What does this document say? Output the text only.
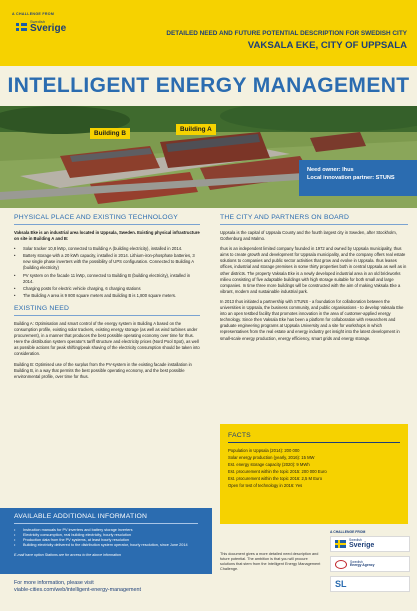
A CHALLENGE FROM
Swedish
Sverige	DETAILED NEED AND FUTURE POTENTIAL DESCRIPTION FOR SWEDISH CITY
VAKSALA EKE, CITY OF UPPSALA
INTELLIGENT ENERGY MANAGEMENT
Building B
Building A
Need owner: Ihus
Local innovation partner: STUNS
PHYSICAL PLACE AND EXISTING TECHNOLOGY

Vaksala Eke is an industrial area located in Uppsala, Sweden. Existing physical infrastructure on site in Building A and B:

• Solar tracker 10,8 kWp, connected to Building A (building electricity), installed in 2014.
• Battery storage with a 20 kWh capacity, installed in 2014. Lithium-iron-phosphate batteries, 3 new single phase inverters with the possibility of UPS configuration. Connected to Building A (building electricity)
• PV system on the facade 11 kWp, connected to Building B (building electricity), installed in 2014.
• Charging posts for electric vehicle charging, 6 charging stations
• The Building A area is 9 800 square meters and Building B is 1,800 square meters.
EXISTING NEED

Building A: Optimisation and smart control of the energy system in Building A based on the consumption profile, existing solar trackers, existing energy storage (as well as wind turbines under procurement), in a manner that produces the best possible operating economy over time for Ihus. Here the distribution system operator's tariff structure and electricity prices (Nord Pool Spot), as well as possible actions for peak shifting/peak shaving of the electricity consumption should be taken into consideration.

Building B: Optimised use of the surplus from the PV-system in the existing facade installation in Building B, in a way that permits the best possible operating economy, and the best possible environmental profile, over time for Ihus.

THE CITY AND PARTNERS ON BOARD

Uppsala is the capital of Uppsala County and the fourth largest city in Sweden, after Stockholm, Gothenburg and Malmo.

Ihus is an independent limited company founded in 1972 and owned by Uppsala municipality, thus aims to create growth and development for Uppsala municipality, and the company offers real estate solutions to companies and public sector activities that grow and evolve in Uppsala. Ihus leases offices, industrial and storage premises in some thirty properties both in central Uppsala as well as in other districts. The property Vaksala Eke is a newly developed industrial area in an old brickworks milieu consisting of five adaptable buildings with high storage suitable for both small and large companies. In time three more buildings will be constructed with the aim of making Vaksala Eke a vibrant, modern and sustainable industrial park.

In 2013 Ihus initiated a partnership with STUNS - a foundation for collaboration between the universities in Uppsala, the business community, and public organisations - to develop Vaksala Eke into an open testbed facility that promotes innovation in the area of customer-applied energy technology. Since then Vaksala Eke has been a platform for collaboration with researchers and graduate engineering programs at Uppsala University and a site for workshops in which representatives from the real estate and energy industry get insight into the latest development in small-scale energy production, energy efficiency, smart grids and energy storage.

FACTS
Population in Uppsala (2014): 200 000
Solar energy production (yearly, 2016): 15 MW
Est. energy storage capacity (2020): 9 MWh
Est. procurement within the topic 2015: 200 000 Euro
Est. procurement within the topic 2016: 2,5 M Euro
Open for test of technology in 2016: Yes
AVAILABLE ADDITIONAL INFORMATION
• Instruction manuals for PV inverters and battery storage inverters
• Electricity consumption, real building electricity, hourly resolution
• Production data from the PV systems, at least hourly resolution
• Building electricity delivered to the distribution system operator, hourly resolution, since June 2014
E-mail have option Stations are for access to the above information
For more information, please visit
viable-cities.com/web/intelligent-energy-management
This document gives a more detailed need description and future potential. The ambition is that you will procure solutions that stem from the Intelligent Energy Management Challenge.
A CHALLENGE FROM
Swedish
Sverige
Swedish
Energy Agency
SL
